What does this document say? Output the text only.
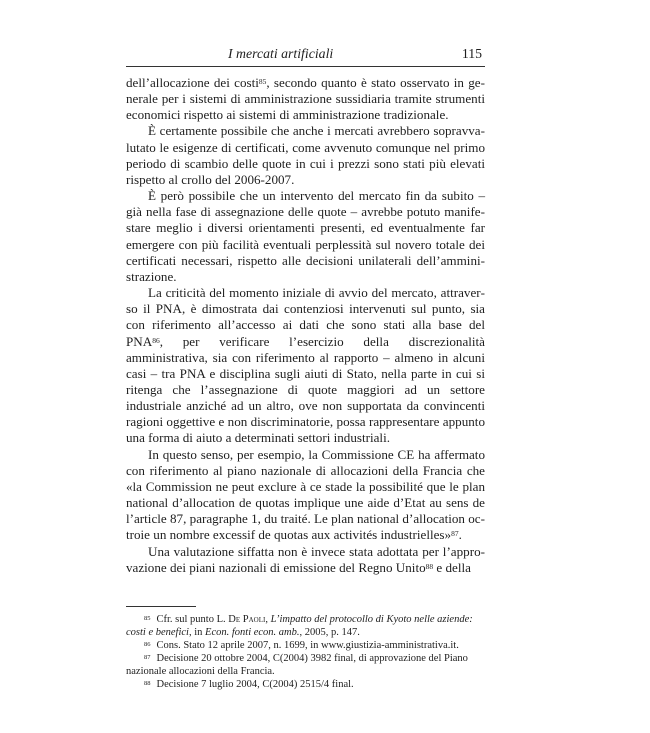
I mercati artificiali	115

dell’allocazione dei costi$^{85}$, secondo quanto è stato osservato in generale per i sistemi di amministrazione sussidiaria tramite strumenti economici rispetto ai sistemi di amministrazione tradizionale.

È certamente possibile che anche i mercati avrebbero sopravvalutato le esigenze di certificati, come avvenuto comunque nel primo periodo di scambio delle quote in cui i prezzi sono stati più elevati rispetto al crollo del 2006-2007.

È però possibile che un intervento del mercato fin da subito – già nella fase di assegnazione delle quote – avrebbe potuto manifestare meglio i diversi orientamenti presenti, ed eventualmente far emergere con più facilità eventuali perplessità sul novero totale dei certificati necessari, rispetto alle decisioni unilaterali dell’amministrazione.

La criticità del momento iniziale di avvio del mercato, attraverso il PNA, è dimostrata dai contenziosi intervenuti sul punto, sia con riferimento all’accesso ai dati che sono stati alla base del PNA$^{86}$, per verificare l’esercizio della discrezionalità amministrativa, sia con riferimento al rapporto – almeno in alcuni casi – tra PNA e disciplina sugli aiuti di Stato, nella parte in cui si ritenga che l’assegnazione di quote maggiori ad un settore industriale anziché ad un altro, ove non supportata da convincenti ragioni oggettive e non discriminatorie, possa rappresentare appunto una forma di aiuto a determinati settori industriali.

In questo senso, per esempio, la Commissione CE ha affermato con riferimento al piano nazionale di allocazioni della Francia che «la Commission ne peut exclure à ce stade la possibilité que le plan national d’allocation de quotas implique une aide d’Etat au sens de l’article 87, paragraphe 1, du traité. Le plan national d’allocation octroie un nombre excessif de quotas aux activités industrielles»$^{87}$.

Una valutazione siffatta non è invece stata adottata per l’approvazione dei piani nazionali di emissione del Regno Unito$^{88}$ e della

$^{85}$ Cfr. sul punto L. De Paoli, L’impatto del protocollo di Kyoto nelle aziende: costi e benefici, in Econ. fonti econ. amb., 2005, p. 147.

$^{86}$ Cons. Stato 12 aprile 2007, n. 1699, in www.giustizia-amministrativa.it.

$^{87}$ Decisione 20 ottobre 2004, C(2004) 3982 final, di approvazione del Piano nazionale allocazioni della Francia.

$^{88}$ Decisione 7 luglio 2004, C(2004) 2515/4 final.
